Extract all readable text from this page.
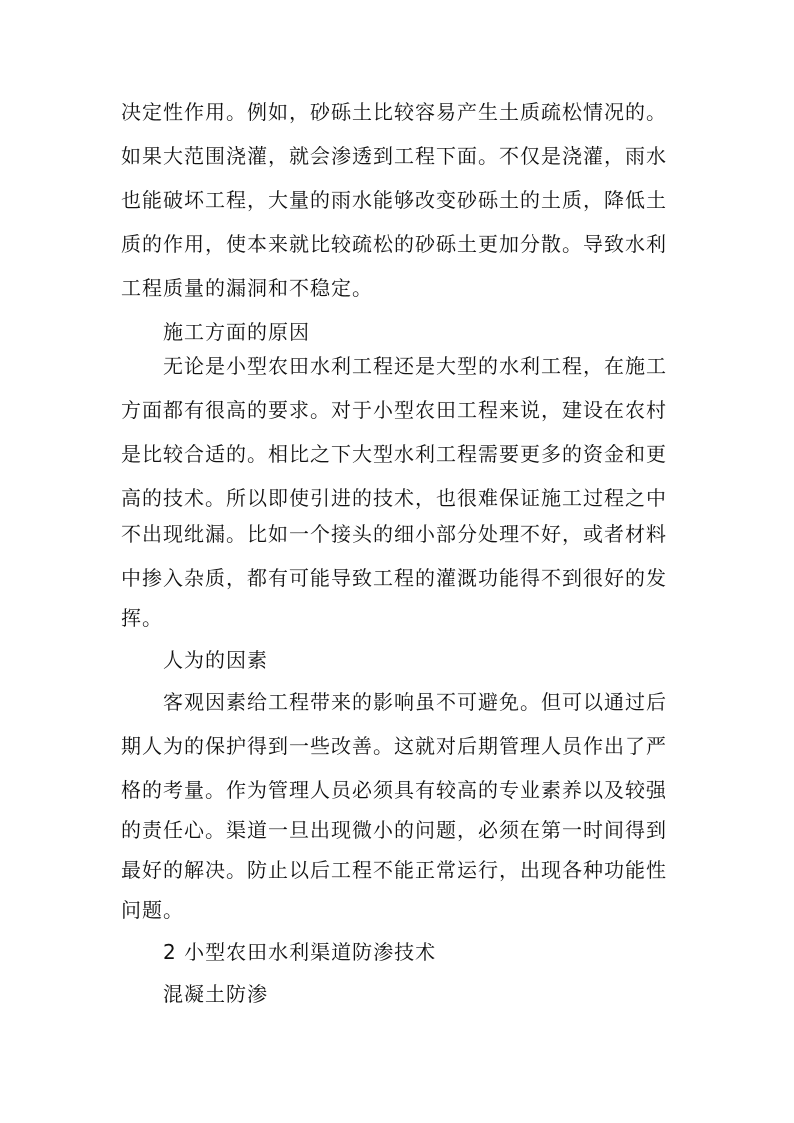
决定性作用。例如，砂砾土比较容易产生土质疏松情况的。
如果大范围浇灌，就会渗透到工程下面。不仅是浇灌，雨水
也能破坏工程，大量的雨水能够改变砂砾土的土质，降低土
质的作用，使本来就比较疏松的砂砾土更加分散。导致水利
工程质量的漏洞和不稳定。
施工方面的原因
无论是小型农田水利工程还是大型的水利工程，在施工
方面都有很高的要求。对于小型农田工程来说，建设在农村
是比较合适的。相比之下大型水利工程需要更多的资金和更
高的技术。所以即使引进的技术，也很难保证施工过程之中
不出现纰漏。比如一个接头的细小部分处理不好，或者材料
中掺入杂质，都有可能导致工程的灌溉功能得不到很好的发
挥。
人为的因素
客观因素给工程带来的影响虽不可避免。但可以通过后
期人为的保护得到一些改善。这就对后期管理人员作出了严
格的考量。作为管理人员必须具有较高的专业素养以及较强
的责任心。渠道一旦出现微小的问题，必须在第一时间得到
最好的解决。防止以后工程不能正常运行，出现各种功能性
问题。
2 小型农田水利渠道防渗技术
混凝土防渗
